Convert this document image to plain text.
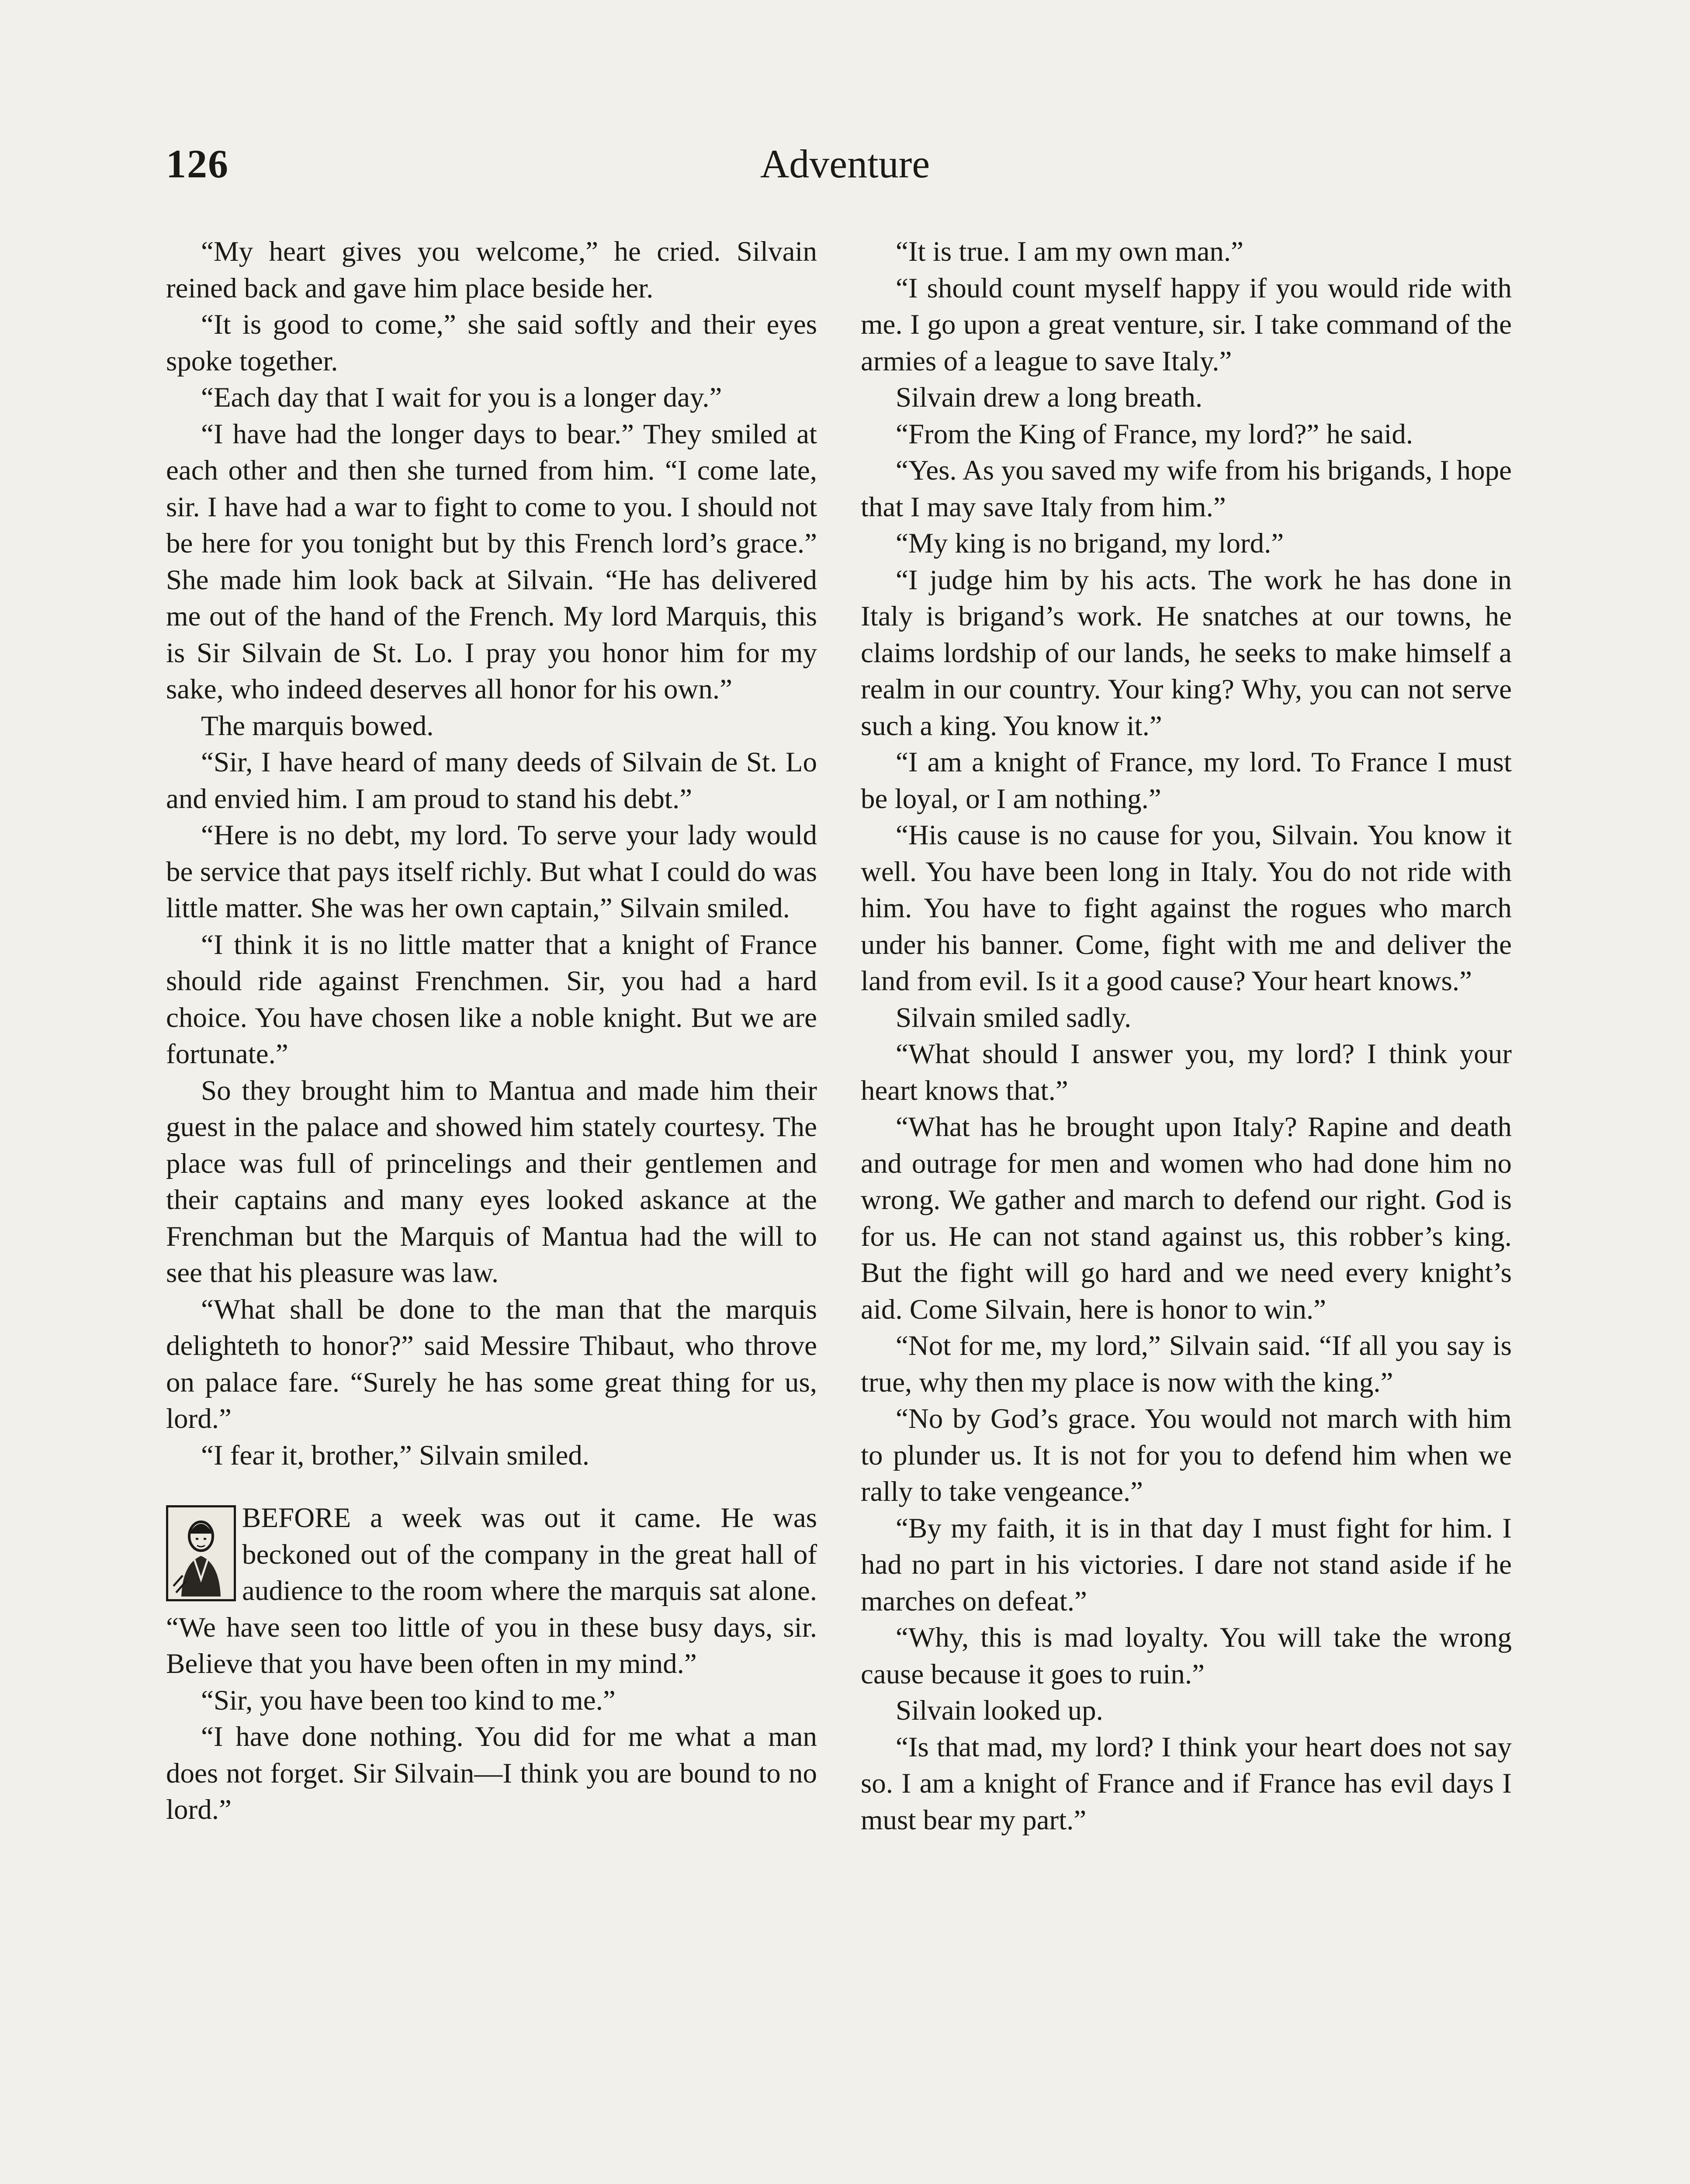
126	Adventure

“My heart gives you welcome,” he cried. Silvain reined back and gave him place beside her.

“It is good to come,” she said softly and their eyes spoke together.

“Each day that I wait for you is a longer day.”

“I have had the longer days to bear.” They smiled at each other and then she turned from him. “I come late, sir. I have had a war to fight to come to you. I should not be here for you tonight but by this French lord’s grace.” She made him look back at Silvain. “He has delivered me out of the hand of the French. My lord Marquis, this is Sir Silvain de St. Lo. I pray you honor him for my sake, who indeed deserves all honor for his own.”

The marquis bowed.

“Sir, I have heard of many deeds of Silvain de St. Lo and envied him. I am proud to stand his debt.”

“Here is no debt, my lord. To serve your lady would be service that pays itself richly. But what I could do was little matter. She was her own captain,” Silvain smiled.

“I think it is no little matter that a knight of France should ride against Frenchmen. Sir, you had a hard choice. You have chosen like a noble knight. But we are fortunate.”

So they brought him to Mantua and made him their guest in the palace and showed him stately courtesy. The place was full of princelings and their gentlemen and their captains and many eyes looked askance at the Frenchman but the Marquis of Mantua had the will to see that his pleasure was law.

“What shall be done to the man that the marquis delighteth to honor?” said Messire Thibaut, who throve on palace fare. “Surely he has some great thing for us, lord.”

“I fear it, brother,” Silvain smiled.

BEFORE a week was out it came. He was beckoned out of the company in the great hall of audience to the room where the marquis sat alone. “We have seen too little of you in these busy days, sir. Believe that you have been often in my mind.”

“Sir, you have been too kind to me.”

“I have done nothing. You did for me what a man does not forget. Sir Silvain—I think you are bound to no lord.”

“It is true. I am my own man.”

“I should count myself happy if you would ride with me. I go upon a great venture, sir. I take command of the armies of a league to save Italy.”

Silvain drew a long breath.

“From the King of France, my lord?” he said.

“Yes. As you saved my wife from his brigands, I hope that I may save Italy from him.”

“My king is no brigand, my lord.”

“I judge him by his acts. The work he has done in Italy is brigand’s work. He snatches at our towns, he claims lordship of our lands, he seeks to make himself a realm in our country. Your king? Why, you can not serve such a king. You know it.”

“I am a knight of France, my lord. To France I must be loyal, or I am nothing.”

“His cause is no cause for you, Silvain. You know it well. You have been long in Italy. You do not ride with him. You have to fight against the rogues who march under his banner. Come, fight with me and deliver the land from evil. Is it a good cause? Your heart knows.”

Silvain smiled sadly.

“What should I answer you, my lord? I think your heart knows that.”

“What has he brought upon Italy? Rapine and death and outrage for men and women who had done him no wrong. We gather and march to defend our right. God is for us. He can not stand against us, this robber’s king. But the fight will go hard and we need every knight’s aid. Come Silvain, here is honor to win.”

“Not for me, my lord,” Silvain said. “If all you say is true, why then my place is now with the king.”

“No by God’s grace. You would not march with him to plunder us. It is not for you to defend him when we rally to take vengeance.”

“By my faith, it is in that day I must fight for him. I had no part in his victories. I dare not stand aside if he marches on defeat.”

“Why, this is mad loyalty. You will take the wrong cause because it goes to ruin.”

Silvain looked up.

“Is that mad, my lord? I think your heart does not say so. I am a knight of France and if France has evil days I must bear my part.”
